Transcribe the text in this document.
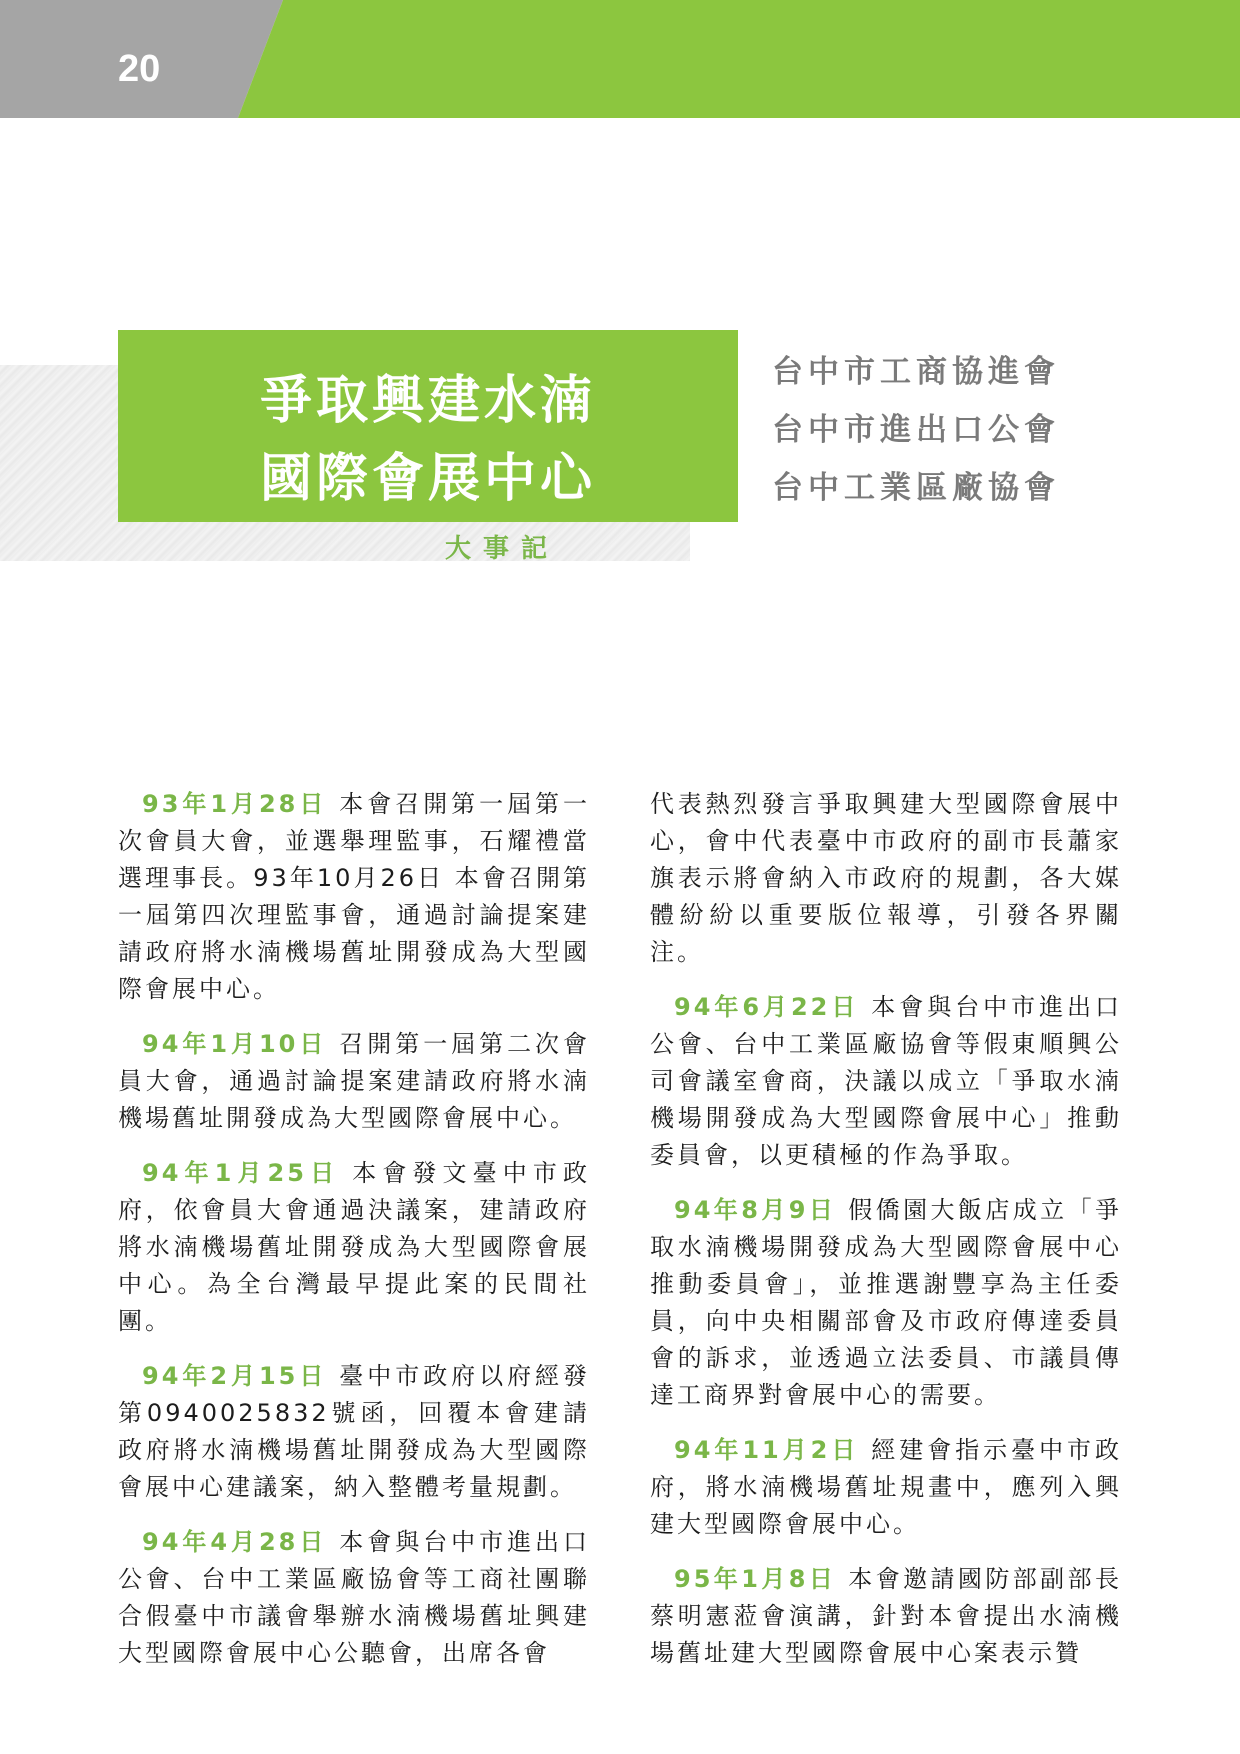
20
爭取興建水湳
國際會展中心
大事記
台中市工商協進會
台中市進出口公會
台中工業區廠協會

93年1月28日 本會召開第一屆第一次會員大會，並選舉理監事，石耀禮當選理事長。93年10月26日 本會召開第一屆第四次理監事會，通過討論提案建請政府將水湳機場舊址開發成為大型國際會展中心。

94年1月10日 召開第一屆第二次會員大會，通過討論提案建請政府將水湳機場舊址開發成為大型國際會展中心。

94年1月25日 本會發文臺中市政府，依會員大會通過決議案，建請政府將水湳機場舊址開發成為大型國際會展中心。為全台灣最早提此案的民間社團。

94年2月15日 臺中市政府以府經發第0940025832號函，回覆本會建請政府將水湳機場舊址開發成為大型國際會展中心建議案，納入整體考量規劃。

94年4月28日 本會與台中市進出口公會、台中工業區廠協會等工商社團聯合假臺中市議會舉辦水湳機場舊址興建大型國際會展中心公聽會，出席各會

代表熱烈發言爭取興建大型國際會展中心，會中代表臺中市政府的副市長蕭家旗表示將會納入市政府的規劃，各大媒體紛紛以重要版位報導，引發各界關注。

94年6月22日 本會與台中市進出口公會、台中工業區廠協會等假東順興公司會議室會商，決議以成立「爭取水湳機場開發成為大型國際會展中心」推動委員會，以更積極的作為爭取。

94年8月9日 假僑園大飯店成立「爭取水湳機場開發成為大型國際會展中心推動委員會」，並推選謝豐享為主任委員，向中央相關部會及市政府傳達委員會的訴求，並透過立法委員、市議員傳達工商界對會展中心的需要。

94年11月2日 經建會指示臺中市政府，將水湳機場舊址規畫中，應列入興建大型國際會展中心。

95年1月8日 本會邀請國防部副部長蔡明憲蒞會演講，針對本會提出水湳機場舊址建大型國際會展中心案表示贊
